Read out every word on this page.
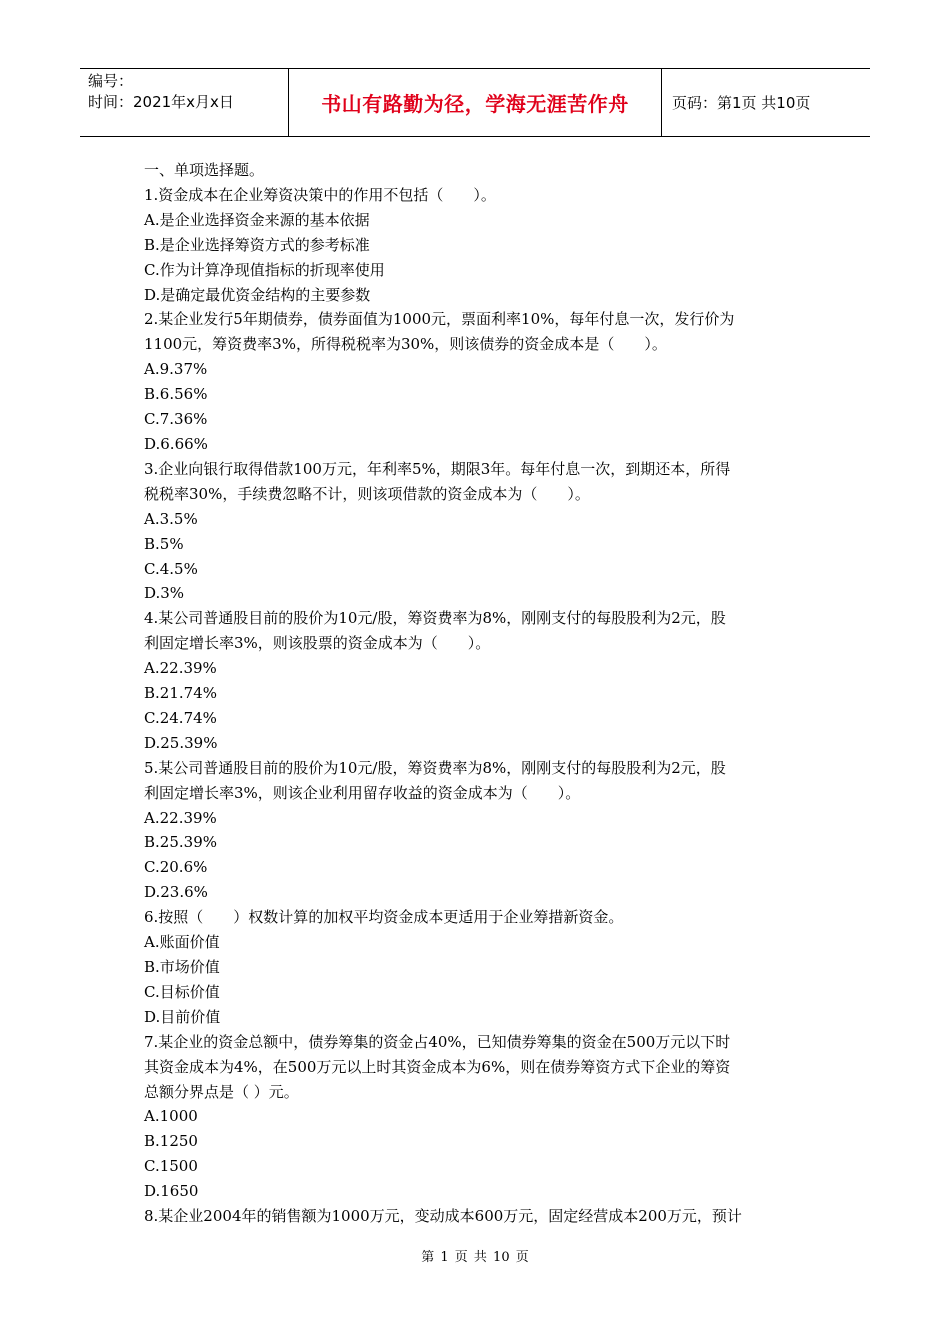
编号：
时间：2021年x月x日	书山有路勤为径，学海无涯苦作舟	页码：第1页 共10页

一、单项选择题。

1.资金成本在企业筹资决策中的作用不包括（　　）。

A.是企业选择资金来源的基本依据

B.是企业选择筹资方式的参考标准

C.作为计算净现值指标的折现率使用

D.是确定最优资金结构的主要参数

2.某企业发行5年期债券，债券面值为1000元，票面利率10%，每年付息一次，发行价为

1100元，筹资费率3%，所得税税率为30%，则该债券的资金成本是（　　）。

A.9.37%

B.6.56%

C.7.36%

D.6.66%

3.企业向银行取得借款100万元，年利率5%，期限3年。每年付息一次，到期还本，所得

税税率30%，手续费忽略不计，则该项借款的资金成本为（　　）。

A.3.5%

B.5%

C.4.5%

D.3%

4.某公司普通股目前的股价为10元/股，筹资费率为8%，刚刚支付的每股股利为2元，股

利固定增长率3%，则该股票的资金成本为（　　）。

A.22.39%

B.21.74%

C.24.74%

D.25.39%

5.某公司普通股目前的股价为10元/股，筹资费率为8%，刚刚支付的每股股利为2元，股

利固定增长率3%，则该企业利用留存收益的资金成本为（　　）。

A.22.39%

B.25.39%

C.20.6%

D.23.6%

6.按照（　　）权数计算的加权平均资金成本更适用于企业筹措新资金。

A.账面价值

B.市场价值

C.目标价值

D.目前价值

7.某企业的资金总额中，债券筹集的资金占40%，已知债券筹集的资金在500万元以下时

其资金成本为4%，在500万元以上时其资金成本为6%，则在债券筹资方式下企业的筹资

总额分界点是（ ）元。

A.1000

B.1250

C.1500

D.1650

8.某企业2004年的销售额为1000万元，变动成本600万元，固定经营成本200万元，预计

第 1 页 共 10 页
